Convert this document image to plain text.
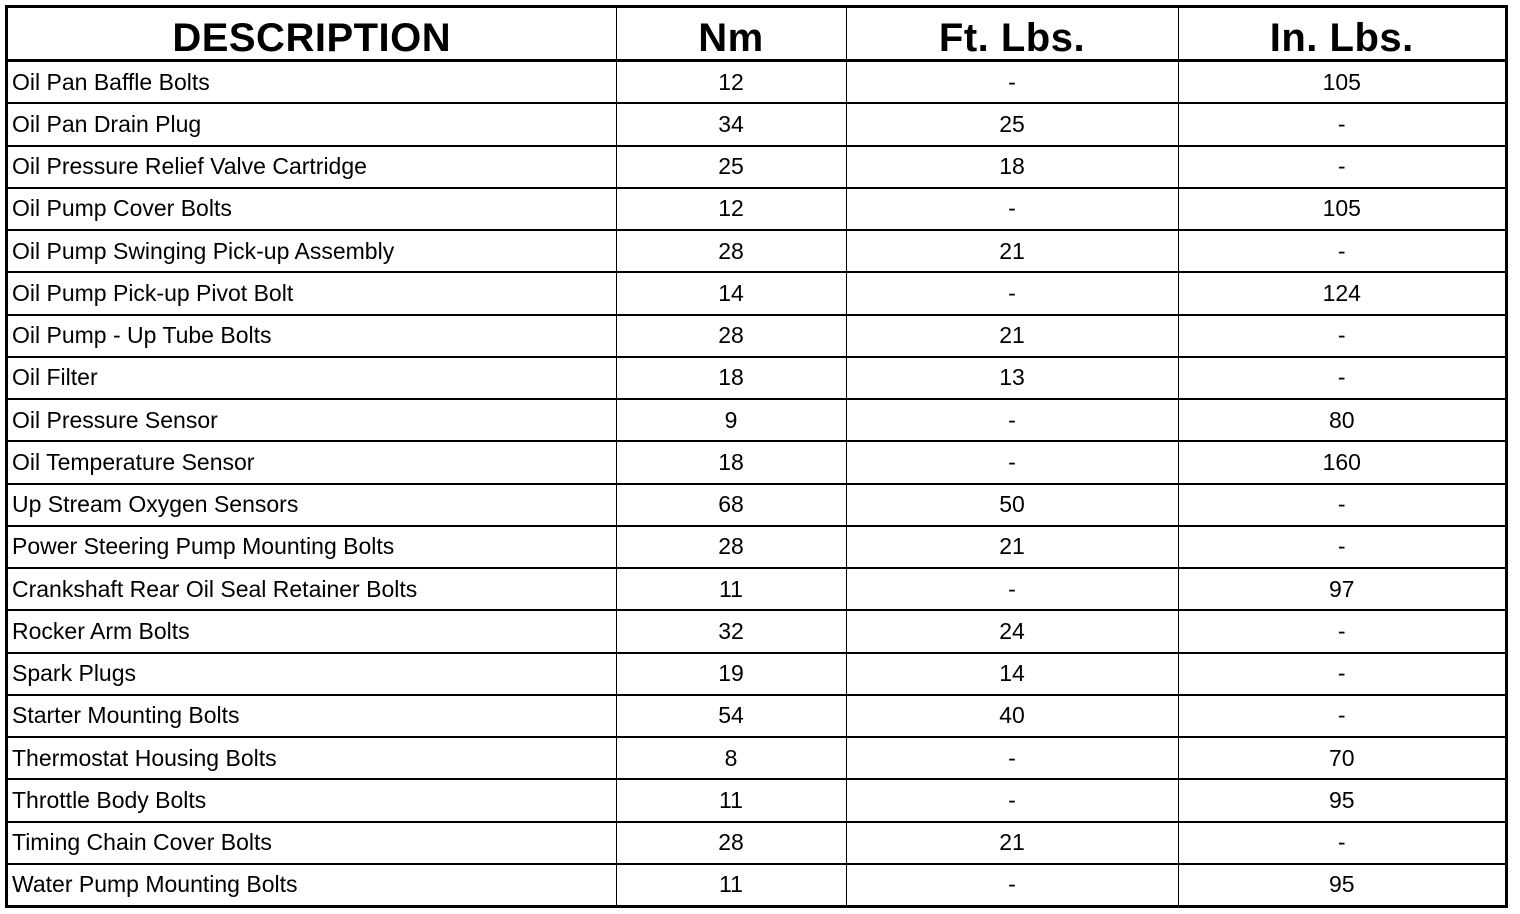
DESCRIPTION	Nm	Ft. Lbs.	In. Lbs.
Oil Pan Baffle Bolts	12	-	105
Oil Pan Drain Plug	34	25	-
Oil Pressure Relief Valve Cartridge	25	18	-
Oil Pump Cover Bolts	12	-	105
Oil Pump Swinging Pick-up Assembly	28	21	-
Oil Pump Pick-up Pivot Bolt	14	-	124
Oil Pump - Up Tube Bolts	28	21	-
Oil Filter	18	13	-
Oil Pressure Sensor	9	-	80
Oil Temperature Sensor	18	-	160
Up Stream Oxygen Sensors	68	50	-
Power Steering Pump Mounting Bolts	28	21	-
Crankshaft Rear Oil Seal Retainer Bolts	11	-	97
Rocker Arm Bolts	32	24	-
Spark Plugs	19	14	-
Starter Mounting Bolts	54	40	-
Thermostat Housing Bolts	8	-	70
Throttle Body Bolts	11	-	95
Timing Chain Cover Bolts	28	21	-
Water Pump Mounting Bolts	11	-	95
